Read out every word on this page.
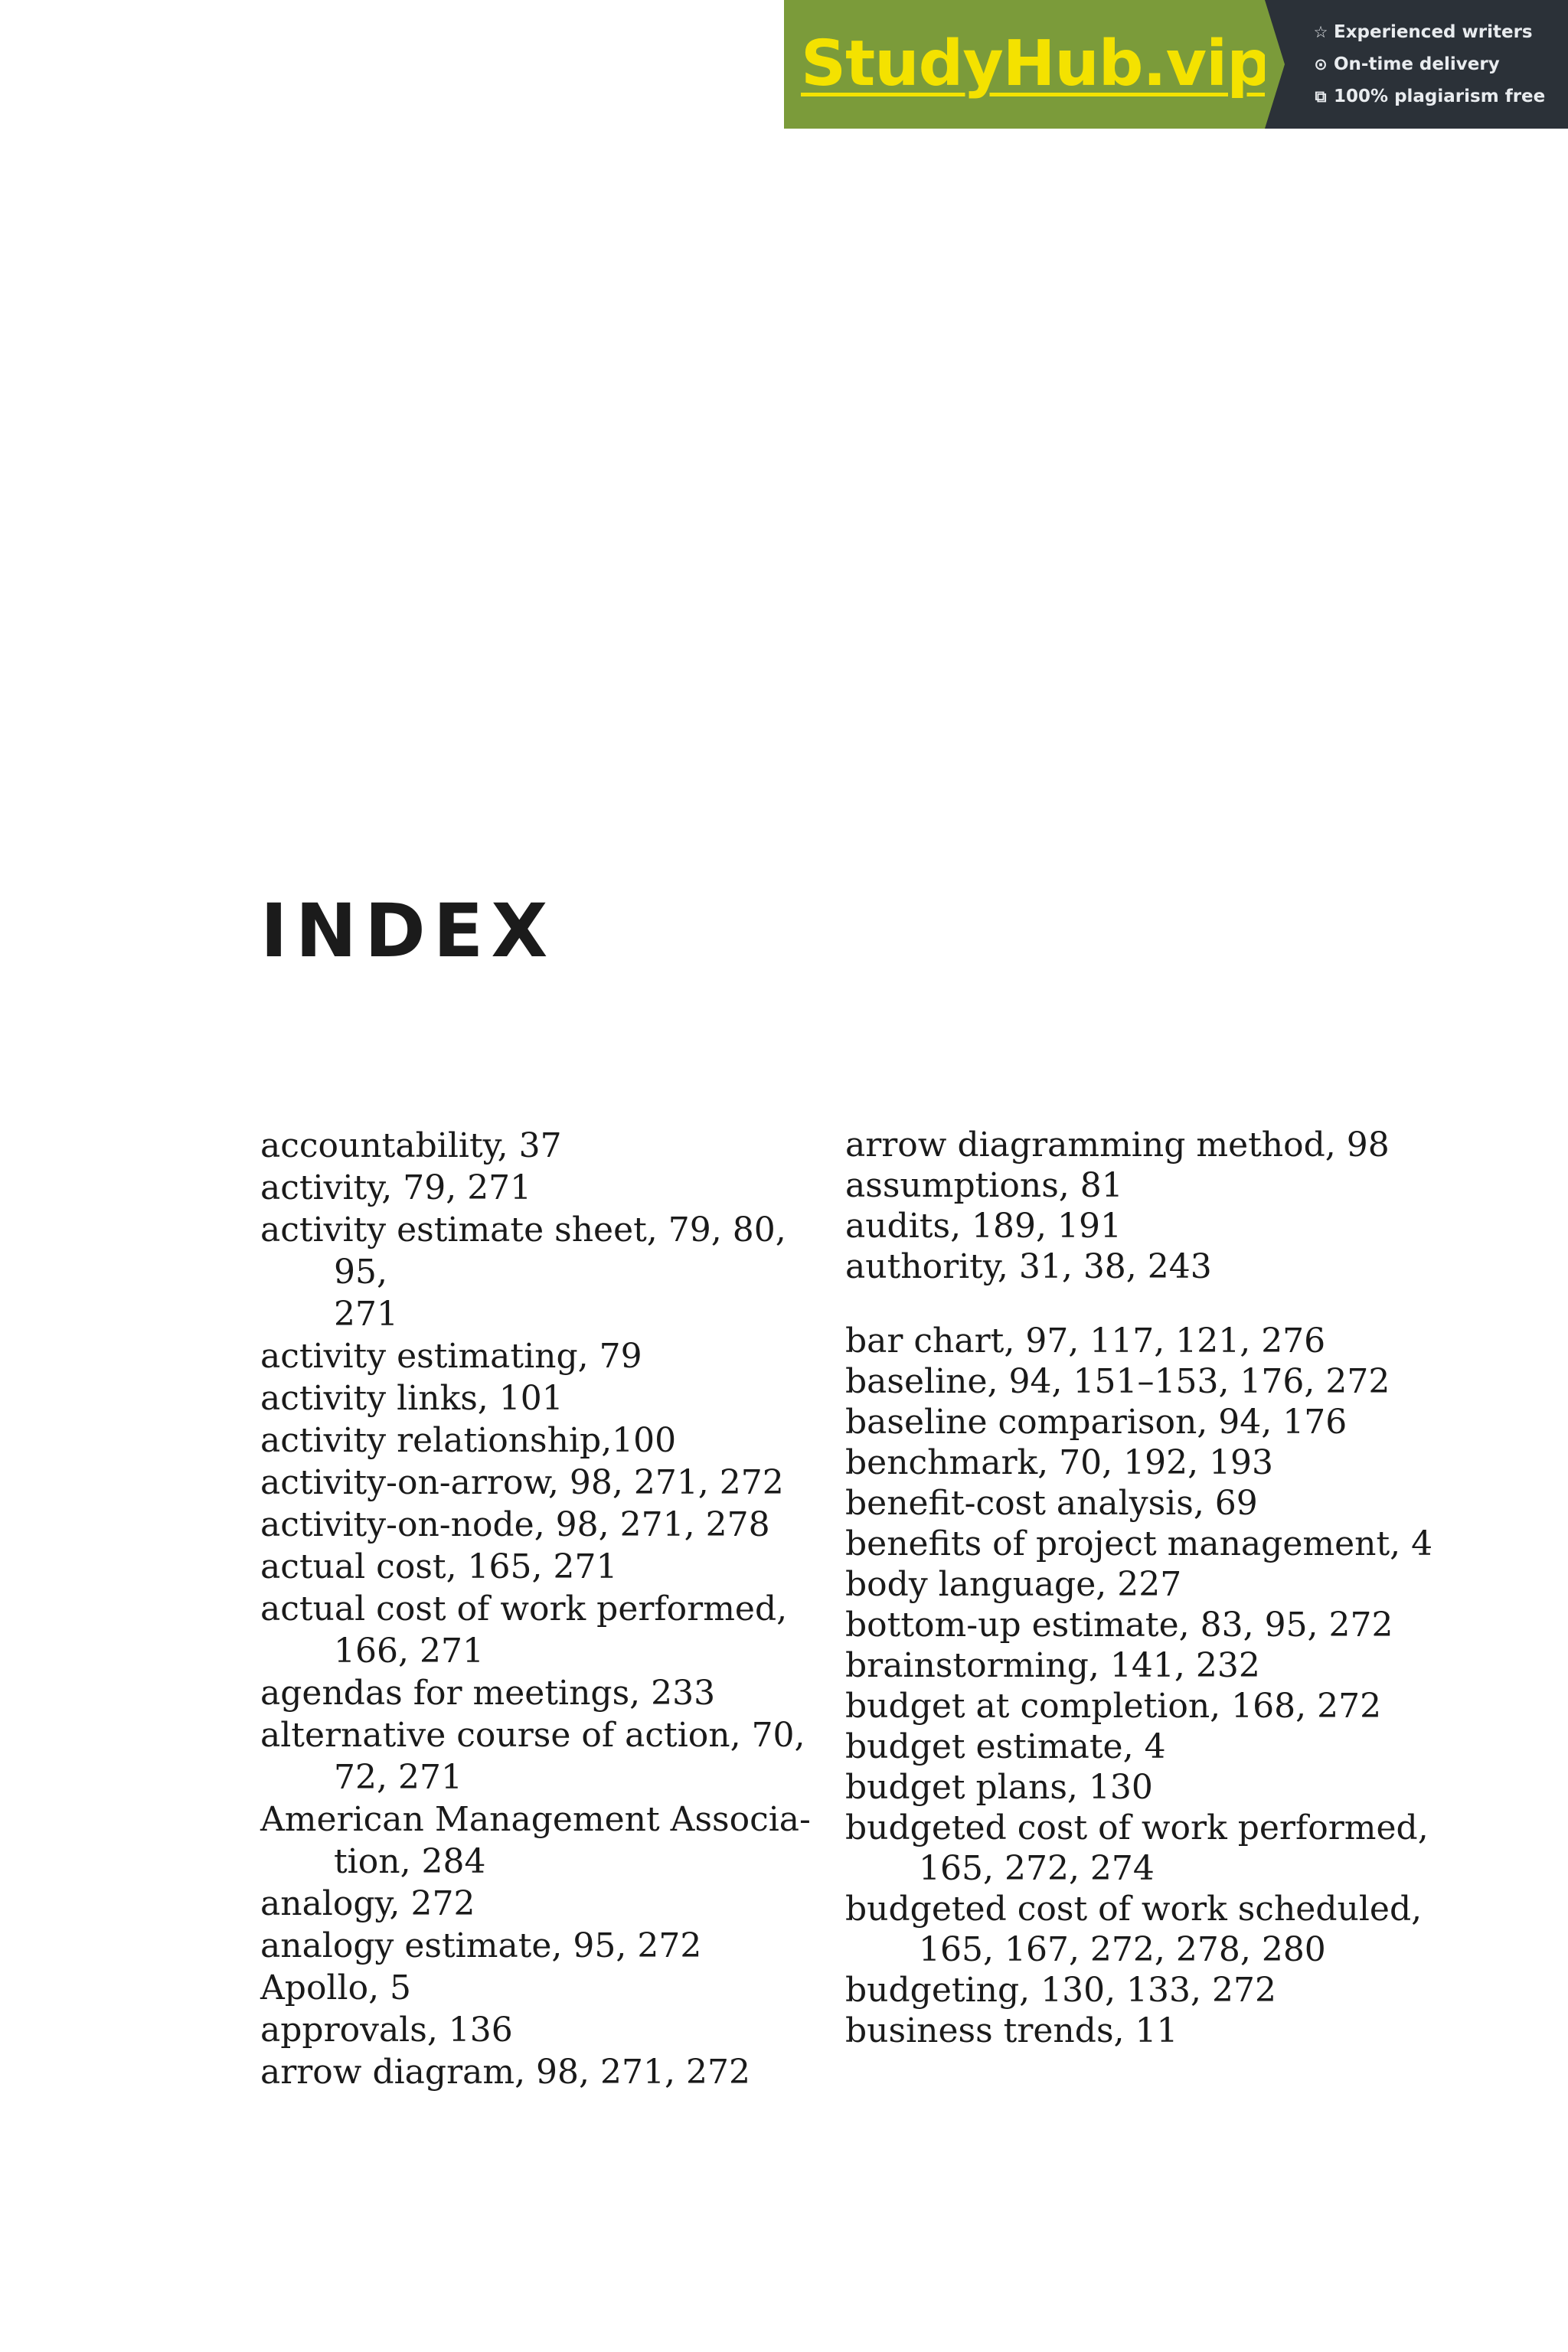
StudyHub.vip	☆ Experienced writers
⊙ On-time delivery
⧉ 100% plagiarism free
INDEX
accountability, 37
activity, 79, 271
activity estimate sheet, 79, 80, 95,
271
activity estimating, 79
activity links, 101
activity relationship,100
activity-on-arrow, 98, 271, 272
activity-on-node, 98, 271, 278
actual cost, 165, 271
actual cost of work performed,
166, 271
agendas for meetings, 233
alternative course of action, 70,
72, 271
American Management Associa-
tion, 284
analogy, 272
analogy estimate, 95, 272
Apollo, 5
approvals, 136
arrow diagram, 98, 271, 272
arrow diagramming method, 98
assumptions, 81
audits, 189, 191
authority, 31, 38, 243
bar chart, 97, 117, 121, 276
baseline, 94, 151–153, 176, 272
baseline comparison, 94, 176
benchmark, 70, 192, 193
benefit-cost analysis, 69
benefits of project management, 4
body language, 227
bottom-up estimate, 83, 95, 272
brainstorming, 141, 232
budget at completion, 168, 272
budget estimate, 4
budget plans, 130
budgeted cost of work performed,
165, 272, 274
budgeted cost of work scheduled,
165, 167, 272, 278, 280
budgeting, 130, 133, 272
business trends, 11
